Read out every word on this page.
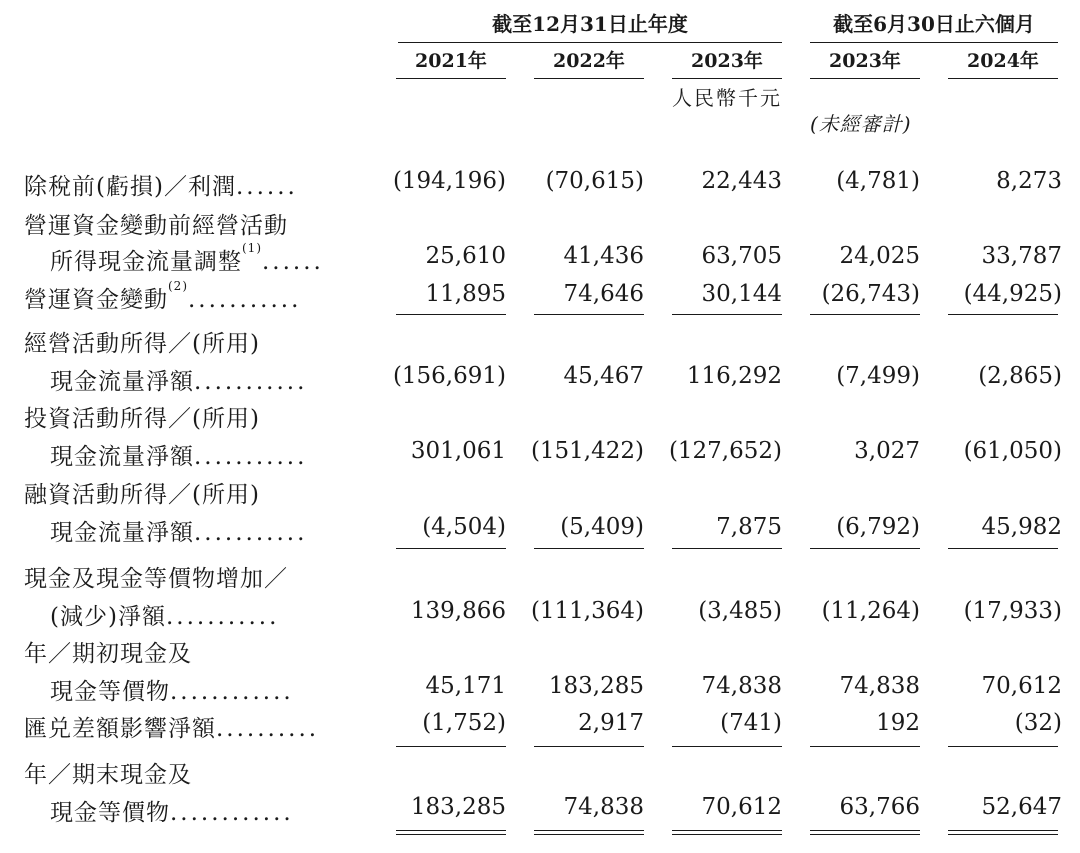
截至12月31日止年度	截至6月30日止六個月
2021年	2022年	2023年	2023年	2024年
人民幣千元
(未經審計)
除稅前(虧損)／利潤......	(194,196) (70,615)	22,443 (4,781)	8,273
營運資金變動前經營活動
所得現金流量調整$^{(1)}$......	25,610	41,436	63,705	24,025	33,787
營運資金變動$^{(2)}$...........	11,895	74,646	30,144 (26,743) (44,925)
經營活動所得／(所用)
現金流量淨額...........	(156,691)	45,467 116,292 (7,499)	(2,865)
投資活動所得／(所用)
現金流量淨額...........	301,061 (151,422) (127,652)	3,027 (61,050)
融資活動所得／(所用)
現金流量淨額...........	(4,504) (5,409)	7,875 (6,792)	45,982
現金及現金等價物增加／
(減少)淨額...........	139,866 (111,364) (3,485) (11,264) (17,933)
年／期初現金及
現金等價物............	45,171 183,285	74,838	74,838	70,612
匯兑差額影響淨額..........	(1,752)	2,917	(741)	192	(32)
年／期末現金及
現金等價物............	183,285	74,838	70,612	63,766	52,647
